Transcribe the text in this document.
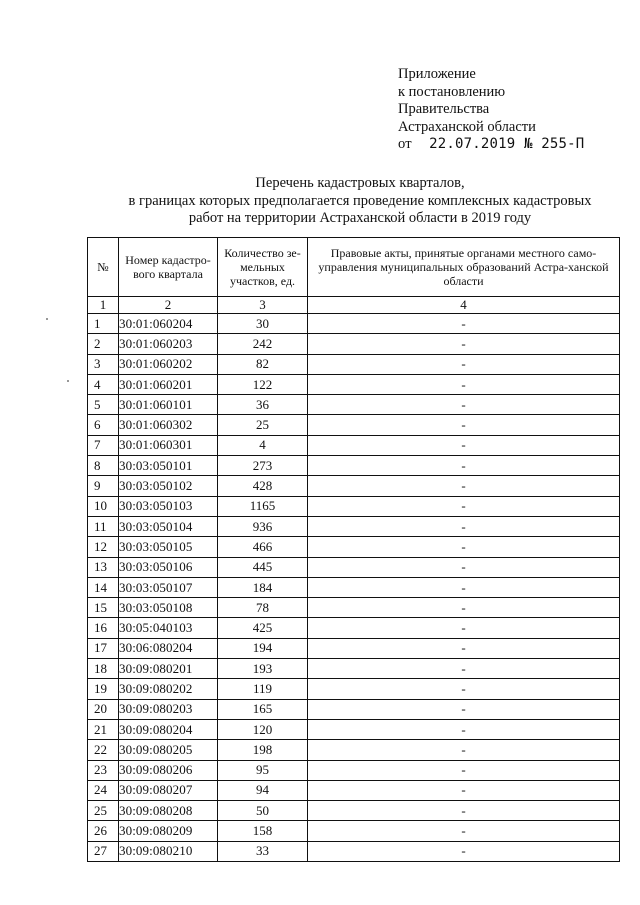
Приложение
к постановлению
Правительства
Астраханской области
от 22.07.2019 № 255-П
Перечень кадастровых кварталов,
в границах которых предполагается проведение комплексных кадастровых
работ на территории Астраханской области в 2019 году
№	Номер кадастро-вого квартала	Количество зе-мельных участков, ед.	Правовые акты, принятые органами местного само-управления муниципальных образований Астра-ханской области
1	2	3	4
1	30:01:060204	30	-
2	30:01:060203	242	-
3	30:01:060202	82	-
4	30:01:060201	122	-
5	30:01:060101	36	-
6	30:01:060302	25	-
7	30:01:060301	4	-
8	30:03:050101	273	-
9	30:03:050102	428	-
10	30:03:050103	1165	-
11	30:03:050104	936	-
12	30:03:050105	466	-
13	30:03:050106	445	-
14	30:03:050107	184	-
15	30:03:050108	78	-
16	30:05:040103	425	-
17	30:06:080204	194	-
18	30:09:080201	193	-
19	30:09:080202	119	-
20	30:09:080203	165	-
21	30:09:080204	120	-
22	30:09:080205	198	-
23	30:09:080206	95	-
24	30:09:080207	94	-
25	30:09:080208	50	-
26	30:09:080209	158	-
27	30:09:080210	33	-
